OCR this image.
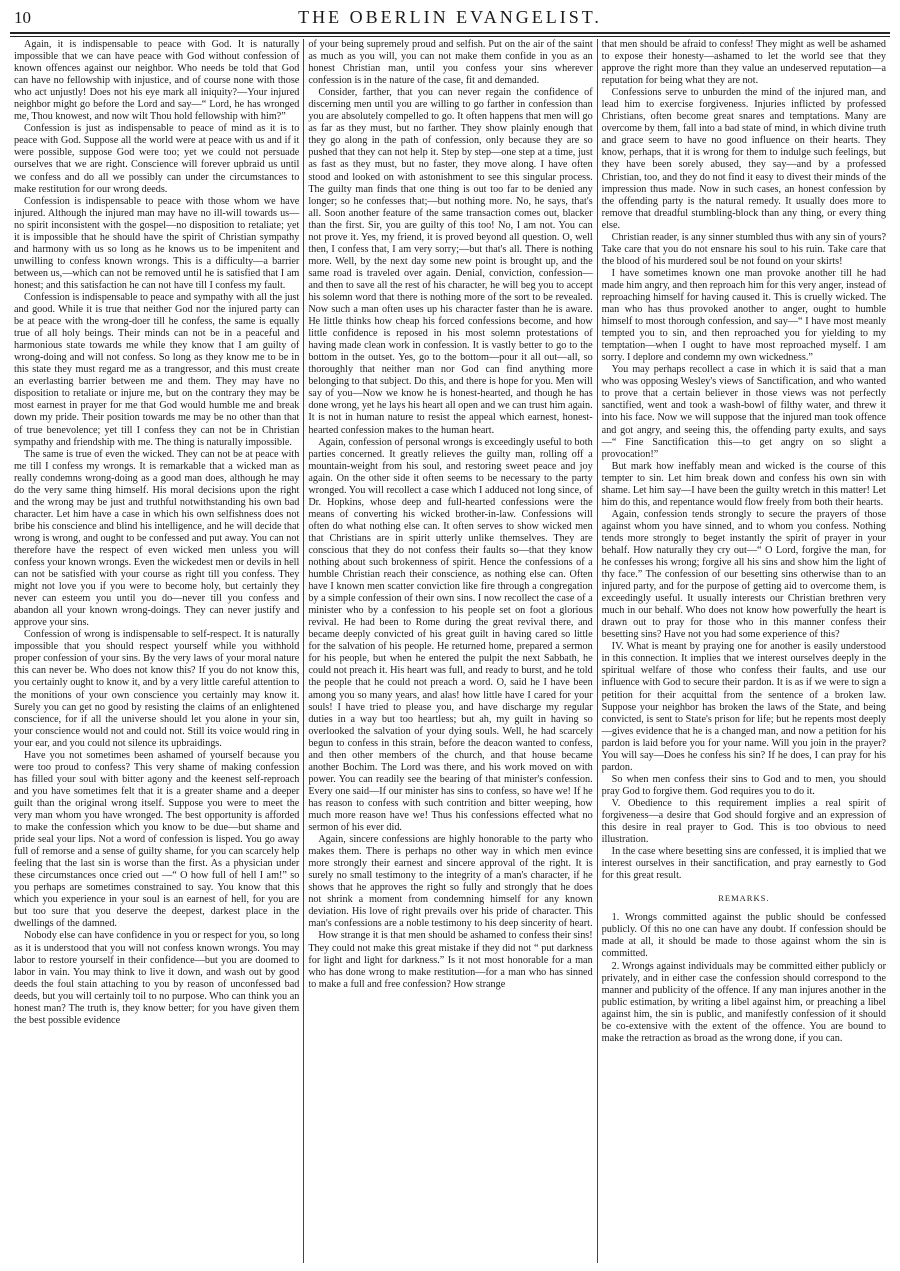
10	THE OBERLIN EVANGELIST.

Again, it is indispensable to peace with God. It is naturally impossible that we can have peace with God without confession of known offences against our neighbor. Who needs be told that God can have no fellowship with injustice, and of course none with those who act unjustly! Does not his eye mark all iniquity?—Your injured neighbor might go before the Lord and say—“ Lord, he has wronged me, Thou knowest, and now wilt Thou hold fellowship with him?”

Confession is just as indispensable to peace of mind as it is to peace with God. Suppose all the world were at peace with us and if it were possible, suppose God were too; yet we could not persuade ourselves that we are right. Conscience will forever upbraid us until we confess and do all we possibly can under the circumstances to make restitution for our wrong deeds.

Confession is indispensable to peace with those whom we have injured. Although the injured man may have no ill-will towards us—no spirit inconsistent with the gospel—no disposition to retaliate; yet it is impossible that he should have the spirit of Christian sympathy and harmony with us so long as he knows us to be impenitent and unwilling to confess known wrongs. This is a difficulty—a barrier between us,—which can not be removed until he is satisfied that I am honest; and this satisfaction he can not have till I confess my fault.

Confession is indispensable to peace and sympathy with all the just and good. While it is true that neither God nor the injured party can be at peace with the wrong-doer till he confess, the same is equally true of all holy beings. Their minds can not be in a peaceful and harmonious state towards me while they know that I am guilty of wrong-doing and will not confess. So long as they know me to be in this state they must regard me as a trangressor, and this must create an everlasting barrier between me and them. They may have no disposition to retaliate or injure me, but on the contrary they may be most earnest in prayer for me that God would humble me and break down my pride. Their position towards me may be no other than that of true benevolence; yet till I confess they can not be in Christian sympathy and friendship with me. The thing is naturally impossible.

The same is true of even the wicked. They can not be at peace with me till I confess my wrongs. It is remarkable that a wicked man as really condemns wrong-doing as a good man does, although he may do the very same thing himself. His moral decisions upon the right and the wrong may be just and truthful notwithstanding his own bad character. Let him have a case in which his own selfishness does not bribe his conscience and blind his intelligence, and he will decide that wrong is wrong, and ought to be confessed and put away. You can not therefore have the respect of even wicked men unless you will confess your known wrongs. Even the wickedest men or devils in hell can not be satisfied with your course as right till you confess. They might not love you if you were to become holy, but certainly they never can esteem you until you do—never till you confess and abandon all your known wrong-doings. They can never justify and approve your sins.

Confession of wrong is indispensable to self-respect. It is naturally impossible that you should respect yourself while you withhold proper confession of your sins. By the very laws of your moral nature this can never be. Who does not know this? If you do not know this, you certainly ought to know it, and by a very little careful attention to the monitions of your own conscience you certainly may know it. Surely you can get no good by resisting the claims of an enlightened conscience, for if all the universe should let you alone in your sin, your conscience would not and could not. Still its voice would ring in your ear, and you could not silence its upbraidings.

Have you not sometimes been ashamed of yourself because you were too proud to confess? This very shame of making confession has filled your soul with bitter agony and the keenest self-reproach and you have sometimes felt that it is a greater shame and a deeper guilt than the original wrong itself. Suppose you were to meet the very man whom you have wronged. The best opportunity is afforded to make the confession which you know to be due—but shame and pride seal your lips. Not a word of confession is lisped. You go away full of remorse and a sense of guilty shame, for you can scarcely help feeling that the last sin is worse than the first. As a physician under these circumstances once cried out —“ O how full of hell I am!” so you perhaps are sometimes constrained to say. You know that this which you experience in your soul is an earnest of hell, for you are but too sure that you deserve the deepest, darkest place in the dwellings of the damned.

Nobody else can have confidence in you or respect for you, so long as it is understood that you will not confess known wrongs. You may labor to restore yourself in their confidence—but you are doomed to labor in vain. You may think to live it down, and wash out by good deeds the foul stain attaching to you by reason of unconfessed bad deeds, but you will certainly toil to no purpose. Who can think you an honest man? The truth is, they know better; for you have given them the best possible evidence

of your being supremely proud and selfish. Put on the air of the saint as much as you will, you can not make them confide in you as an honest Christian man, until you confess your sins wherever confession is in the nature of the case, fit and demanded.

Consider, farther, that you can never regain the confidence of discerning men until you are willing to go farther in confession than you are absolutely compelled to go. It often happens that men will go as far as they must, but no farther. They show plainly enough that they go along in the path of confession, only because they are so pushed that they can not help it. Step by step—one step at a time, just as fast as they must, but no faster, they move along. I have often stood and looked on with astonishment to see this singular process. The guilty man finds that one thing is out too far to be denied any longer; so he confesses that;—but nothing more. No, he says, that's all. Soon another feature of the same transaction comes out, blacker than the first. Sir, you are guilty of this too! No, I am not. You can not prove it. Yes, my friend, it is proved beyond all question. O, well then, I confess that, I am very sorry;—but that's all. There is nothing more. Well, by the next day some new point is brought up, and the same road is traveled over again. Denial, conviction, confession—and then to save all the rest of his character, he will beg you to accept his solemn word that there is nothing more of the sort to be revealed. Now such a man often uses up his character faster than he is aware. He little thinks how cheap his forced confessions become, and how little confidence is reposed in his most solemn protestations of having made clean work in confession. It is vastly better to go to the bottom in the outset. Yes, go to the bottom—pour it all out—all, so thoroughly that neither man nor God can find anything more belonging to that subject. Do this, and there is hope for you. Men will say of you—Now we know he is honest-hearted, and though he has done wrong, yet he lays his heart all open and we can trust him again. It is not in human nature to resist the appeal which earnest, honest-hearted confession makes to the human heart.

Again, confession of personal wrongs is exceedingly useful to both parties concerned. It greatly relieves the guilty man, rolling off a mountain-weight from his soul, and restoring sweet peace and joy again. On the other side it often seems to be necessary to the party wronged. You will recollect a case which I adduced not long since, of Dr. Hopkins, whose deep and full-hearted confessions were the means of converting his wicked brother-in-law. Confessions will often do what nothing else can. It often serves to show wicked men that Christians are in spirit utterly unlike themselves. They are conscious that they do not confess their faults so—that they know nothing about such brokenness of spirit. Hence the confessions of a humble Christian reach their conscience, as nothing else can. Often have I known men scatter conviction like fire through a congregation by a simple confession of their own sins. I now recollect the case of a minister who by a confession to his people set on foot a glorious revival. He had been to Rome during the great revival there, and became deeply convicted of his great guilt in having cared so little for the salvation of his people. He returned home, prepared a sermon for his people, but when he entered the pulpit the next Sabbath, he could not preach it. His heart was full, and ready to burst, and he told the people that he could not preach a word. O, said he I have been among you so many years, and alas! how little have I cared for your souls! I have tried to please you, and have discharge my regular duties in a way but too heartless; but ah, my guilt in having so overlooked the salvation of your dying souls. Well, he had scarcely begun to confess in this strain, before the deacon wanted to confess, and then other members of the church, and that house became another Bochim. The Lord was there, and his work moved on with power. You can readily see the bearing of that minister's confession. Every one said—If our minister has sins to confess, so have we! If he has reason to confess with such contrition and bitter weeping, how much more reason have we! Thus his confessions effected what no sermon of his ever did.

Again, sincere confessions are highly honorable to the party who makes them. There is perhaps no other way in which men evince more strongly their earnest and sincere approval of the right. It is surely no small testimony to the integrity of a man's character, if he shows that he approves the right so fully and strongly that he does not shrink a moment from condemning himself for any known deviation. His love of right prevails over his pride of character. This man's confessions are a noble testimony to his deep sincerity of heart.

How strange it is that men should be ashamed to confess their sins! They could not make this great mistake if they did not “ put darkness for light and light for darkness.” Is it not most honorable for a man who has done wrong to make restitution—for a man who has sinned to make a full and free confession? How strange

that men should be afraid to confess! They might as well be ashamed to expose their honesty—ashamed to let the world see that they approve the right more than they value an undeserved reputation—a reputation for being what they are not.

Confessions serve to unburden the mind of the injured man, and lead him to exercise forgiveness. Injuries inflicted by professed Christians, often become great snares and temptations. Many are overcome by them, fall into a bad state of mind, in which divine truth and grace seem to have no good influence on their hearts. They know, perhaps, that it is wrong for them to indulge such feelings, but they have been sorely abused, they say—and by a professed Christian, too, and they do not find it easy to divest their minds of the impression thus made. Now in such cases, an honest confession by the offending party is the natural remedy. It usually does more to remove that dreadful stumbling-block than any thing, or every thing else.

Christian reader, is any sinner stumbled thus with any sin of yours? Take care that you do not ensnare his soul to his ruin. Take care that the blood of his murdered soul be not found on your skirts!

I have sometimes known one man provoke another till he had made him angry, and then reproach him for this very anger, instead of reproaching himself for having caused it. This is cruelly wicked. The man who has thus provoked another to anger, ought to humble himself to most thorough confession, and say—“ I have most meanly tempted you to sin, and then reproached you for yielding to my temptation—when I ought to have most reproached myself. I am sorry. I deplore and condemn my own wickedness.”

You may perhaps recollect a case in which it is said that a man who was opposing Wesley's views of Sanctification, and who wanted to prove that a certain believer in those views was not perfectly sanctified, went and took a wash-bowl of filthy water, and threw it into his face. Now we will suppose that the injured man took offence and got angry, and seeing this, the offending party exults, and says—“ Fine Sanctification this—to get angry on so slight a provocation!”

But mark how ineffably mean and wicked is the course of this tempter to sin. Let him break down and confess his own sin with shame. Let him say—I have been the guilty wretch in this matter! Let him do this, and repentance would flow freely from both their hearts.

Again, confession tends strongly to secure the prayers of those against whom you have sinned, and to whom you confess. Nothing tends more strongly to beget instantly the spirit of prayer in your behalf. How naturally they cry out—“ O Lord, forgive the man, for he confesses his wrong; forgive all his sins and show him the light of thy face.” The confession of our besetting sins otherwise than to an injured party, and for the purpose of getting aid to overcome them, is exceedingly useful. It usually interests our Christian brethren very much in our behalf. Who does not know how powerfully the heart is drawn out to pray for those who in this manner confess their besetting sins? Have not you had some experience of this?

IV. What is meant by praying one for another is easily understood in this connection. It implies that we interest ourselves deeply in the spiritual welfare of those who confess their faults, and use our influence with God to secure their pardon. It is as if we were to sign a petition for their acquittal from the sentence of a broken law. Suppose your neighbor has broken the laws of the State, and being convicted, is sent to State's prison for life; but he repents most deeply—gives evidence that he is a changed man, and now a petition for his pardon is laid before you for your name. Will you join in the prayer? You will say—Does he confess his sin? If he does, I can pray for his pardon.

So when men confess their sins to God and to men, you should pray God to forgive them. God requires you to do it.

V. Obedience to this requirement implies a real spirit of forgiveness—a desire that God should forgive and an expression of this desire in real prayer to God. This is too obvious to need illustration.

In the case where besetting sins are confessed, it is implied that we interest ourselves in their sanctification, and pray earnestly to God for this great result.

REMARKS.

1. Wrongs committed against the public should be confessed publicly. Of this no one can have any doubt. If confession should be made at all, it should be made to those against whom the sin is committed.

2. Wrongs against individuals may be committed either publicly or privately, and in either case the confession should correspond to the manner and publicity of the offence. If any man injures another in the public estimation, by writing a libel against him, or preaching a libel against him, the sin is public, and manifestly confession of it should be co-extensive with the extent of the offence. You are bound to make the retraction as broad as the wrong done, if you can.
